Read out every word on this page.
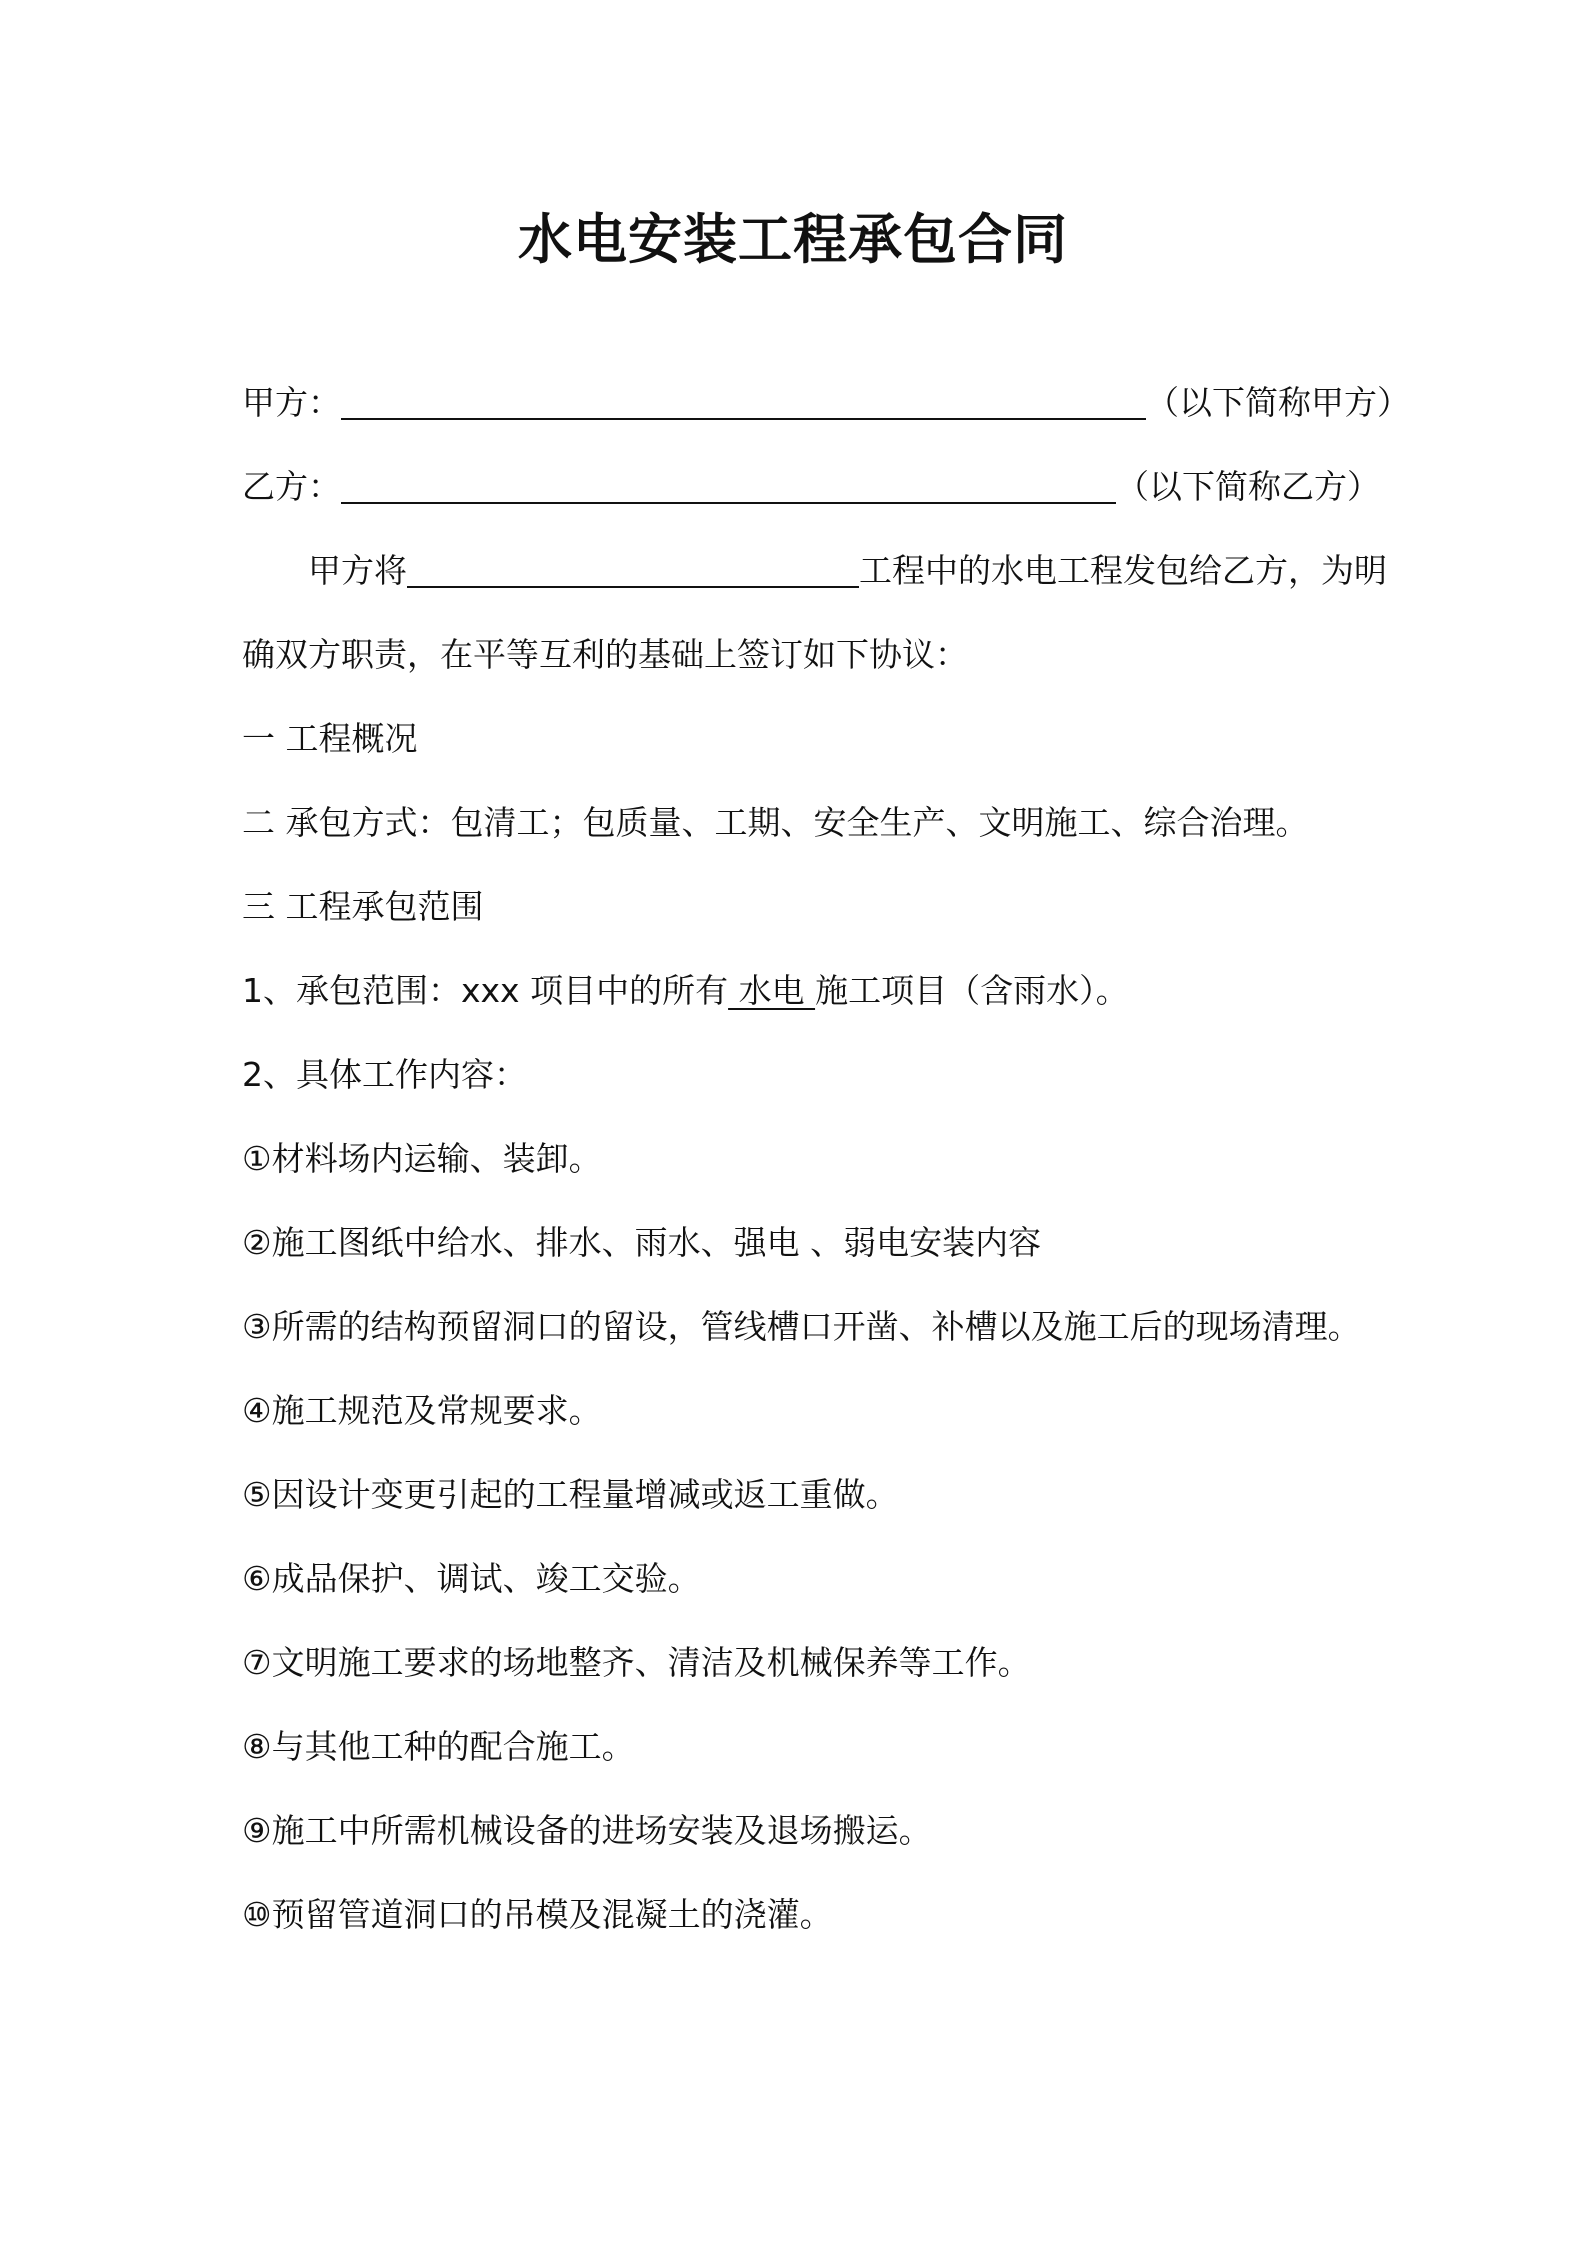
水电安装工程承包合同
甲方：	（以下简称甲方）
乙方：	（以下简称乙方）
甲方将	工程中的水电工程发包给乙方，为明
确双方职责，在平等互利的基础上签订如下协议：
一 工程概况
二 承包方式：包清工；包质量、工期、安全生产、文明施工、综合治理。
三 工程承包范围
1、承包范围：xxx 项目中的所有 水电 施工项目（含雨水）。
2、具体工作内容：
①材料场内运输、装卸。
②施工图纸中给水、排水、雨水、强电 、弱电安装内容
③所需的结构预留洞口的留设，管线槽口开凿、补槽以及施工后的现场清理。
④施工规范及常规要求。
⑤因设计变更引起的工程量增减或返工重做。
⑥成品保护、调试、竣工交验。
⑦文明施工要求的场地整齐、清洁及机械保养等工作。
⑧与其他工种的配合施工。
⑨施工中所需机械设备的进场安装及退场搬运。
⑩预留管道洞口的吊模及混凝土的浇灌。
